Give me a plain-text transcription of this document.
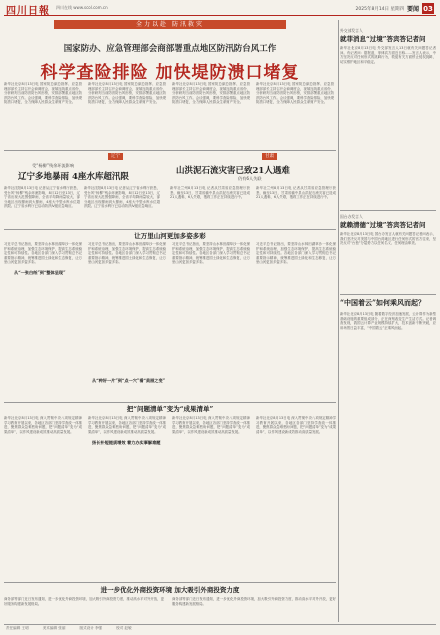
四川日報 四川在线 www.scol.com.cn	2025年8月14日 星期四 要闻 03
全力以赴 防汛救灾
国家防办、应急管理部会商部署重点地区防汛防台风工作
科学查险排险 加快堤防溃口堵复
新华社北京8月13日电 国家防总副总指挥、应急管理部部长主持召开会商调度会，视频连线重点省份，分析研判当前防汛防台风形势，安排部署重点地区防汛防台风工作。会议强调，要科学查险排险，加快堤防溃口堵复，全力保障人民群众生命财产安全。
新华社北京8月13日电 国家防总副总指挥、应急管理部部长主持召开会商调度会，视频连线重点省份，分析研判当前防汛防台风形势，安排部署重点地区防汛防台风工作。会议强调，要科学查险排险，加快堤防溃口堵复，全力保障人民群众生命财产安全。
新华社北京8月13日电 国家防总副总指挥、应急管理部部长主持召开会商调度会，视频连线重点省份，分析研判当前防汛防台风形势，安排部署重点地区防汛防台风工作。会议强调，要科学查险排险，加快堤防溃口堵复，全力保障人民群众生命财产安全。
新华社北京8月13日电 国家防总副总指挥、应急管理部部长主持召开会商调度会，视频连线重点省份，分析研判当前防汛防台风形势，安排部署重点地区防汛防台风工作。会议强调，要科学查险排险，加快堤防溃口堵复，全力保障人民群众生命财产安全。
辽宁
受“杨柳”残余环流影响
辽宁多地暴雨 4座水库超汛限
新华社沈阳8月13日电 记者从辽宁省水利厅获悉，受台风“杨柳”残余环流影响，8月12日至13日，辽宁省出现大范围强降雨，全省平均降雨量较大，部分地区出现暴雨到大暴雨，4座大中型水库水位超汛限。辽宁省水利厅已启动防汛Ⅳ级应急响应。
新华社沈阳8月13日电 记者从辽宁省水利厅获悉，受台风“杨柳”残余环流影响，8月12日至13日，辽宁省出现大范围强降雨，全省平均降雨量较大，部分地区出现暴雨到大暴雨，4座大中型水库水位超汛限。辽宁省水利厅已启动防汛Ⅳ级应急响应。
甘肃
山洪泥石流灾害已致21人遇难
仍有6人失联
新华社兰州8月13日电 记者从甘肃省应急管理厅获悉，截至13日，甘肃省榆中县山洪泥石流灾害已造成21人遇难、6人失联，搜救工作正在持续进行中。
新华社兰州8月13日电 记者从甘肃省应急管理厅获悉，截至13日，甘肃省榆中县山洪泥石流灾害已造成21人遇难、6人失联，搜救工作正在持续进行中。
让万里山河更加多姿多彩
习近平总书记指出，要坚持山水林田湖草沙一体化保护和系统治理，加强生态环境保护，提高生态系统稳定性和可持续性。各地区各部门深入学习贯彻总书记重要指示精神，统筹推进国土绿化和生态修复，让万里山河更加多姿多彩。
习近平总书记指出，要坚持山水林田湖草沙一体化保护和系统治理，加强生态环境保护，提高生态系统稳定性和可持续性。各地区各部门深入学习贯彻总书记重要指示精神，统筹推进国土绿化和生态修复，让万里山河更加多姿多彩。
习近平总书记指出，要坚持山水林田湖草沙一体化保护和系统治理，加强生态环境保护，提高生态系统稳定性和可持续性。各地区各部门深入学习贯彻总书记重要指示精神，统筹推进国土绿化和生态修复，让万里山河更加多姿多彩。
习近平总书记指出，要坚持山水林田湖草沙一体化保护和系统治理，加强生态环境保护，提高生态系统稳定性和可持续性。各地区各部门深入学习贯彻总书记重要指示精神，统筹推进国土绿化和生态修复，让万里山河更加多姿多彩。
从“一张白纸”到“整体呈现”
从“种好一片”到“点一穴”看“美丽之变”
把“问题清单”变为“成果清单”
新华社北京8月13日电 深入贯彻中央八项规定精神学习教育开展以来，各地区各部门坚持学查改一体推进，聚焦群众急难愁盼问题，把“问题清单”变为“成果清单”，以作风建设新成效推动高质量发展。
新华社北京8月13日电 深入贯彻中央八项规定精神学习教育开展以来，各地区各部门坚持学查改一体推进，聚焦群众急难愁盼问题，把“问题清单”变为“成果清单”，以作风建设新成效推动高质量发展。
新华社北京8月13日电 深入贯彻中央八项规定精神学习教育开展以来，各地区各部门坚持学查改一体推进，聚焦群众急难愁盼问题，把“问题清单”变为“成果清单”，以作风建设新成效推动高质量发展。
新华社北京8月13日电 深入贯彻中央八项规定精神学习教育开展以来，各地区各部门坚持学查改一体推进，聚焦群众急难愁盼问题，把“问题清单”变为“成果清单”，以作风建设新成效推动高质量发展。
扬长补短提质增效 着力办实事解难题
进一步优化外商投资环境 加大吸引外商投资力度
商务部等部门近日发布通知，进一步优化外商投资环境，加大吸引外商投资力度，推动高水平对外开放，更好服务构建新发展格局。
商务部等部门近日发布通知，进一步优化外商投资环境，加大吸引外商投资力度，推动高水平对外开放，更好服务构建新发展格局。
外交部发言人
就菲消息“过境”答宾答记者问
新华社北京8月13日电 外交部发言人13日就有关问题答记者问。有记者问：据报道，菲律宾方面近日称……发言人表示，中方坚决反对任何形式的挑衅行为，敦促有关方面停止侵权挑衅，切实维护地区和平稳定。
国台办发言人
就赖清德“过境”答宾答记者问
新华社北京8月13日电 国台办发言人就有关问题答记者问表示，我们坚决反对美国与中国台湾地区进行任何形式的官方往来，坚决反对“台独”分裂势力以任何名义、任何理由窜美。
“中国着云”如何乘风而起？
新华社北京8月13日电 随着数字经济加速发展，云计算作为新型基础设施的重要组成部分，正在深刻改变生产生活方式。记者调查发现，我国云计算产业规模持续扩大，技术创新不断突破，应用场景日益丰富，“中国着云”正乘风而起。
责任编辑 王明	美术编辑 张丽	版式设计 李强	校对 赵敏
